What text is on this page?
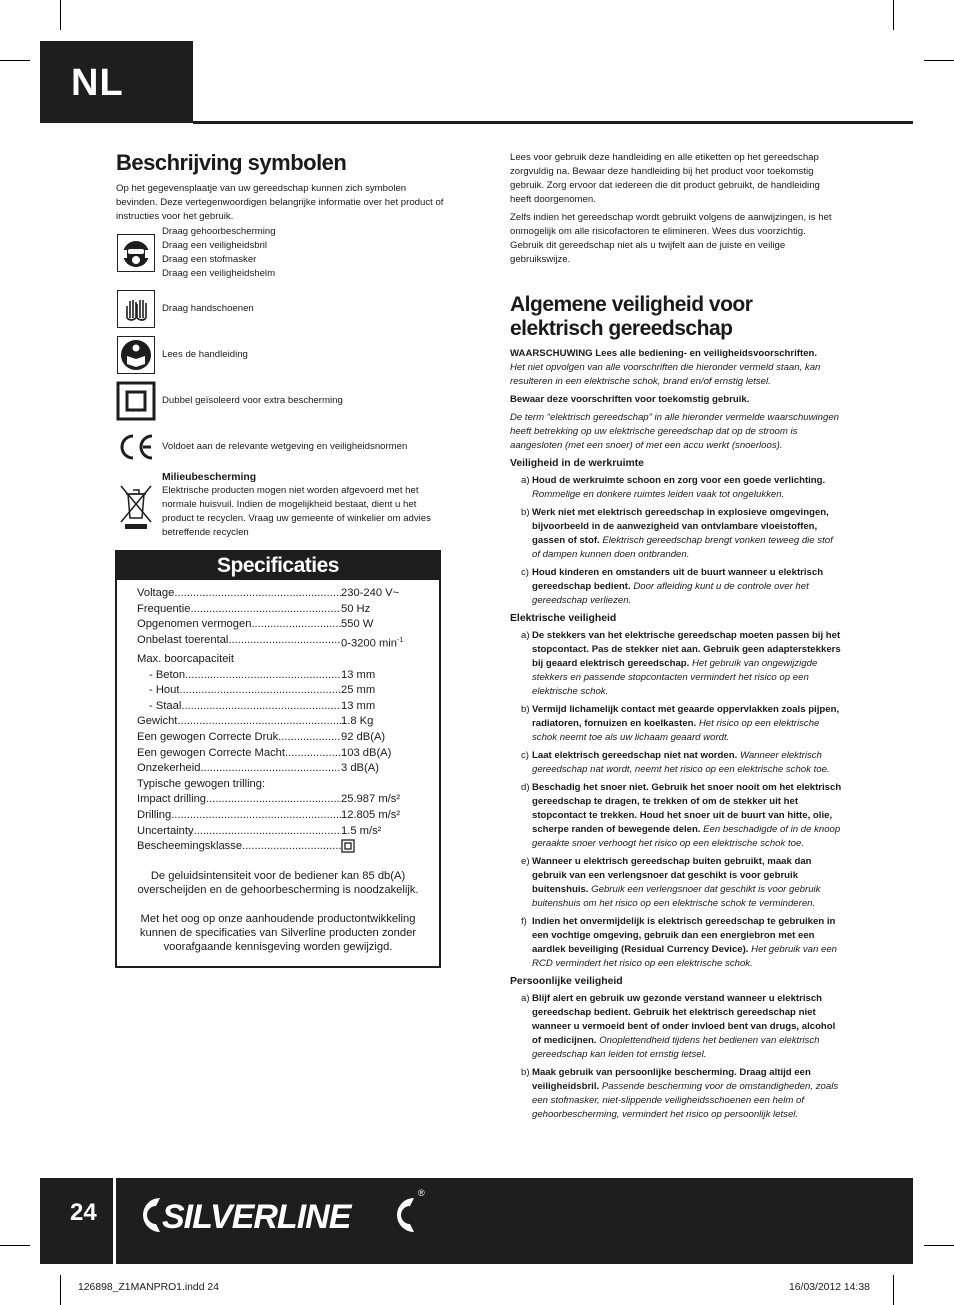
NL
Beschrijving symbolen
Op het gegevensplaatje van uw gereedschap kunnen zich symbolen bevinden. Deze vertegenwoordigen belangrijke informatie over het product of instructies voor het gebruik.
Draag gehoorbescherming
Draag een veiligheidsbril
Draag een stofmasker
Draag een veiligheidshelm
Draag handschoenen
Lees de handleiding
Dubbel geïsoleerd voor extra bescherming
Voldoet aan de relevante wetgeving en veiligheidsnormen
Milieubescherming
Elektrische producten mogen niet worden afgevoerd met het normale huisvuil. Indien de mogelijkheid bestaat, dient u het product te recyclen. Vraag uw gemeente of winkelier om advies betreffende recyclen
Specificaties
Voltage .....	230-240 V~
Frequentie .....	50 Hz
Opgenomen vermogen .....	550 W
Onbelast toerental .....	0-3200 $\min^{-1}$
Max. boorcapaciteit
- Beton .....	13 mm
- Hout .....	25 mm
- Staal .....	13 mm
Gewicht .....	1.8 Kg
Een gewogen Correcte Druk .....	92 dB(A)
Een gewogen Correcte Macht .....	103 dB(A)
Onzekerheid .....	3 dB(A)
Typische gewogen trilling:
Impact drilling .....	25.987 m/s²
Drilling .....	12.805 m/s²
Uncertainty .....	1.5 m/s²
Bescheemingsklasse
.....
De geluidsintensiteit voor de bediener kan 85 db(A) overscheijden en de gehoorbescherming is noodzakelijk.
Met het oog op onze aanhoudende productontwikkeling kunnen de specificaties van Silverline producten zonder voorafgaande kennisgeving worden gewijzigd.

Lees voor gebruik deze handleiding en alle etiketten op het gereedschap zorgvuldig na. Bewaar deze handleiding bij het product voor toekomstig gebruik. Zorg ervoor dat iedereen die dit product gebruikt, de handleiding heeft doorgenomen.

Zelfs indien het gereedschap wordt gebruikt volgens de aanwijzingen, is het onmogelijk om alle risicofactoren te elimineren. Wees dus voorzichtig. Gebruik dit gereedschap niet als u twijfelt aan de juiste en veilige gebruikswijze.

Algemene veiligheid voor elektrisch gereedschap
WAARSCHUWING Lees alle bediening- en veiligheidsvoorschriften.

Het niet opvolgen van alle voorschriften die hieronder vermeld staan, kan resulteren in een elektrische schok, brand en/of ernstig letsel.

Bewaar deze voorschriften voor toekomstig gebruik.

De term “elektrisch gereedschap” in alle hieronder vermelde waarschuwingen heeft betrekking op uw elektrische gereedschap dat op de stroom is aangesloten (met een snoer) of met een accu werkt (snoerloos).

Veiligheid in de werkruimte
a) Houd de werkruimte schoon en zorg voor een goede verlichting. Rommelige en donkere ruimtes leiden vaak tot ongelukken.
b) Werk niet met elektrisch gereedschap in explosieve omgevingen, bijvoorbeeld in de aanwezigheid van ontvlambare vloeistoffen, gassen of stof. Elektrisch gereedschap brengt vonken teweeg die stof of dampen kunnen doen ontbranden.
c) Houd kinderen en omstanders uit de buurt wanneer u elektrisch gereedschap bedient. Door afleiding kunt u de controle over het gereedschap verliezen.
Elektrische veiligheid
a) De stekkers van het elektrische gereedschap moeten passen bij het stopcontact. Pas de stekker niet aan. Gebruik geen adapterstekkers bij geaard elektrisch gereedschap. Het gebruik van ongewijzigde stekkers en passende stopcontacten vermindert het risico op een elektrische schok.
b) Vermijd lichamelijk contact met geaarde oppervlakken zoals pijpen, radiatoren, fornuizen en koelkasten. Het risico op een elektrische schok neemt toe als uw lichaam geaard wordt.
c) Laat elektrisch gereedschap niet nat worden. Wanneer elektrisch gereedschap nat wordt, neemt het risico op een elektrische schok toe.
d) Beschadig het snoer niet. Gebruik het snoer nooit om het elektrisch gereedschap te dragen, te trekken of om de stekker uit het stopcontact te trekken. Houd het snoer uit de buurt van hitte, olie, scherpe randen of bewegende delen. Een beschadigde of in de knoop geraakte snoer verhoogt het risico op een elektrische schok toe.
e) Wanneer u elektrisch gereedschap buiten gebruikt, maak dan gebruik van een verlengsnoer dat geschikt is voor gebruik buitenshuis. Gebruik een verlengsnoer dat geschikt is voor gebruik buitenshuis om het risico op een elektrische schok te verminderen.
f) Indien het onvermijdelijk is elektrisch gereedschap te gebruiken in een vochtige omgeving, gebruik dan een energiebron met een aardlek beveiliging (Residual Currency Device). Het gebruik van een RCD vermindert het risico op een elektrische schok.
Persoonlijke veiligheid
a) Blijf alert en gebruik uw gezonde verstand wanneer u elektrisch gereedschap bedient. Gebruik het elektrisch gereedschap niet wanneer u vermoeid bent of onder invloed bent van drugs, alcohol of medicijnen. Onoplettendheid tijdens het bedienen van elektrisch gereedschap kan leiden tot ernstig letsel.
b) Maak gebruik van persoonlijke bescherming. Draag altijd een veiligheidsbril. Passende bescherming voor de omstandigheden, zoals een stofmasker, niet-slippende veiligheidsschoenen een helm of gehoorbescherming, vermindert het risico op persoonlijk letsel.
24 SILVERLINE
®
126898_Z1MANPRO1.indd 24	16/03/2012 14:38
